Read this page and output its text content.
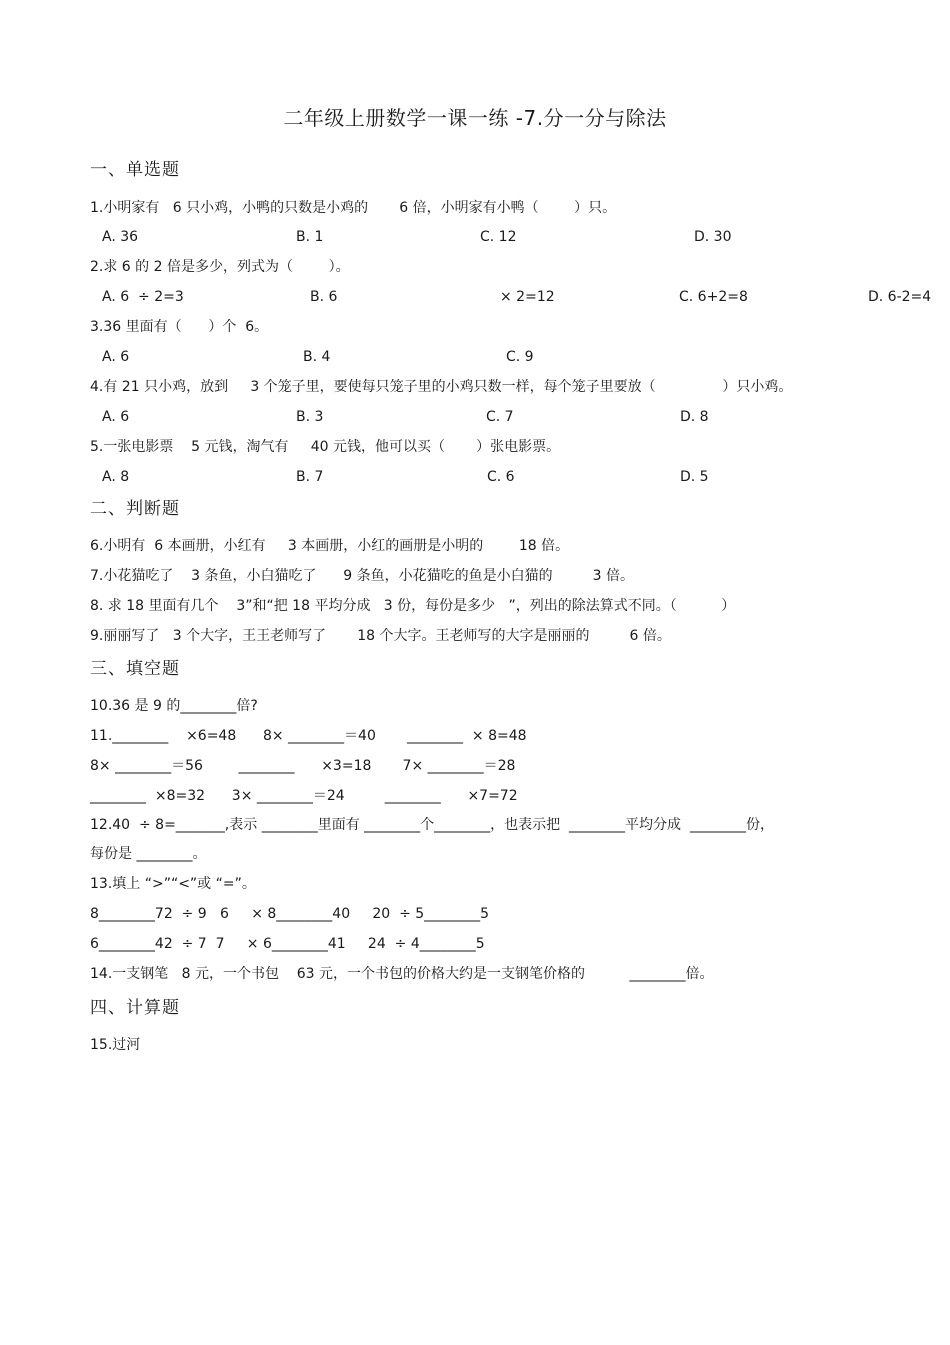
二年级上册数学一课一练 -7.分一分与除法
一、单选题
1.小明家有   6 只小鸡，小鸭的只数是小鸡的       6 倍，小明家有小鸭（        ）只。
A. 36	B. 1	C. 12	D. 30
2.求 6 的 2 倍是多少，列式为（        ）。
A. 6  ÷ 2=3	B. 6	× 2=12	C. 6+2=8	D. 6-2=4
3.36 里面有（      ）个  6。
A. 6	B. 4	C. 9
4.有 21 只小鸡，放到     3 个笼子里，要使每只笼子里的小鸡只数一样，每个笼子里要放（               ）只小鸡。
A. 6	B. 3	C. 7	D. 8
5.一张电影票    5 元钱，淘气有     40 元钱，他可以买（       ）张电影票。
A. 8	B. 7	C. 6	D. 5
二、判断题
6.小明有  6 本画册，小红有     3 本画册，小红的画册是小明的        18 倍。
7.小花猫吃了    3 条鱼，小白猫吃了      9 条鱼，小花猫吃的鱼是小白猫的         3 倍。
8. 求 18 里面有几个    3”和“把 18 平均分成   3 份，每份是多少   ”，列出的除法算式不同。（          ）
9.丽丽写了   3 个大字，王王老师写了       18 个大字。王老师写的大字是丽丽的         6 倍。
三、填空题
10.36 是 9 的________倍?
11.________    ×6=48      8× ________＝40       ________  × 8=48
8× ________＝56        ________      ×3=18       7× ________＝28
________  ×8=32      3× ________＝24         ________      ×7=72
12.40  ÷ 8=_______,表示 ________里面有 ________个________，也表示把  ________平均分成  ________份，
每份是 ________。
13.填上 “>”“<”或 “=”。
8________72  ÷ 9   6     × 8________40     20  ÷ 5________5
6________42  ÷ 7  7     × 6________41     24  ÷ 4________5
14.一支钢笔   8 元，一个书包    63 元，一个书包的价格大约是一支钢笔价格的          ________倍。
四、计算题
15.过河
